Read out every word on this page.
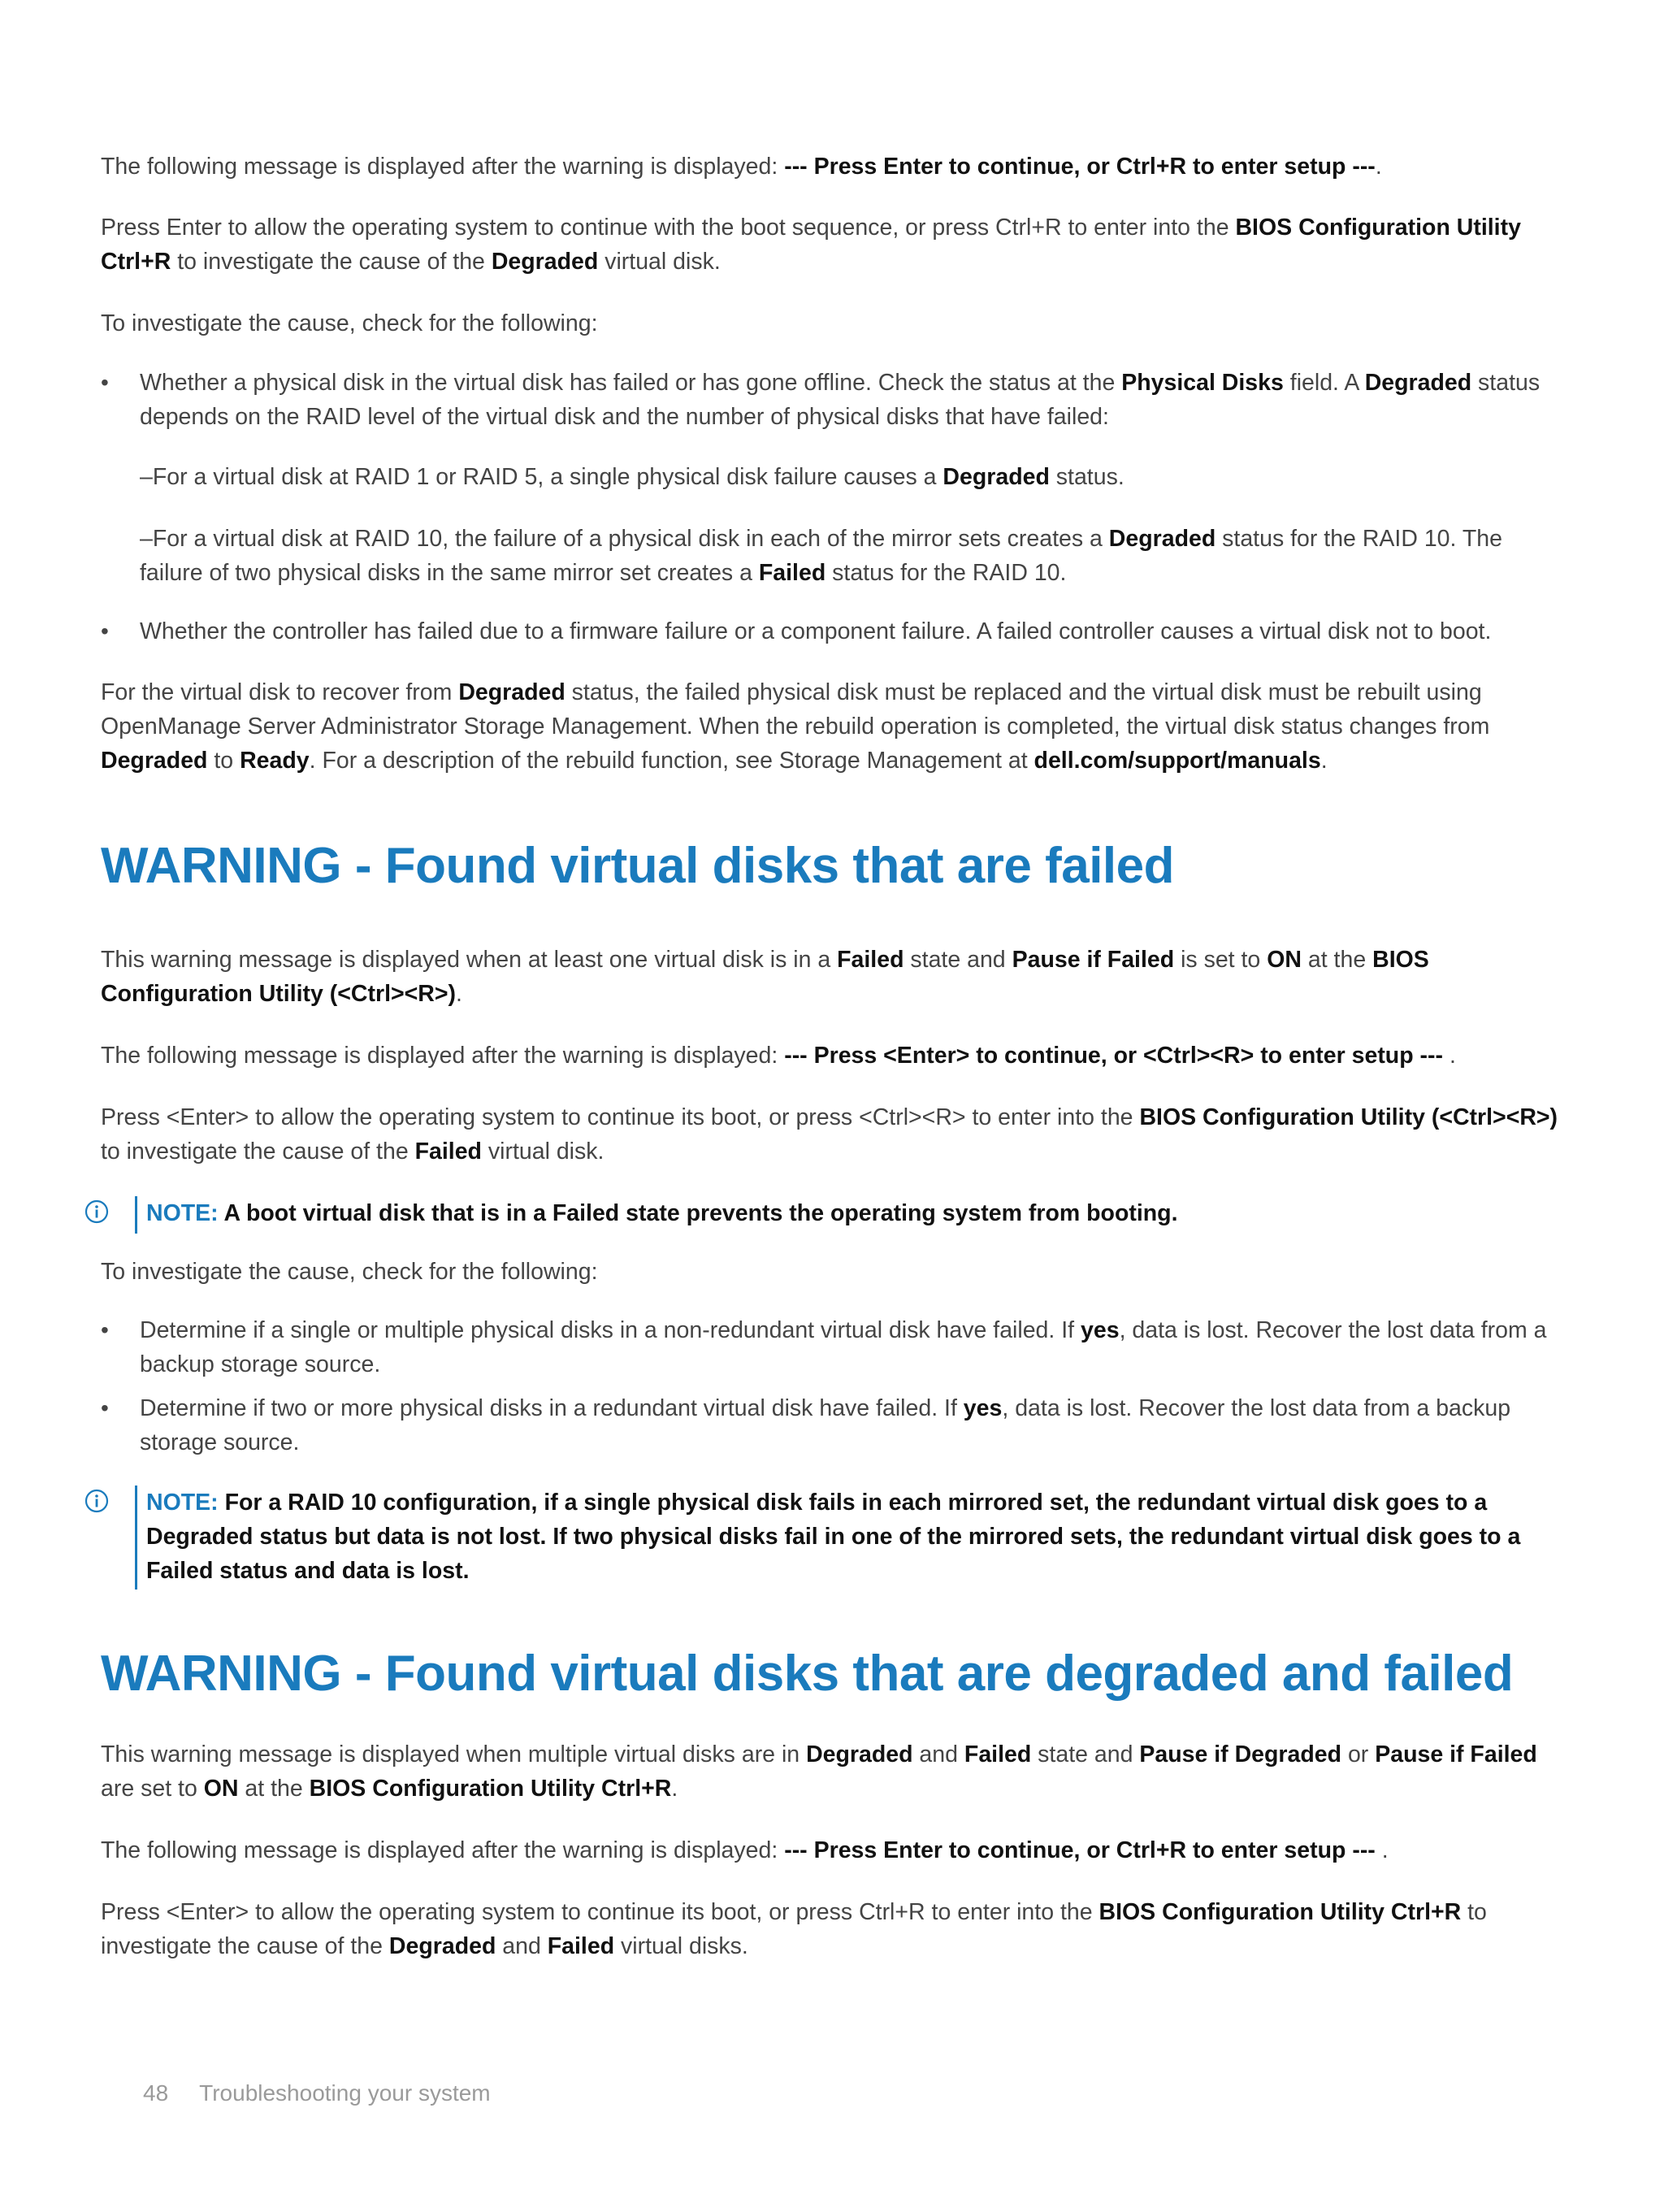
The following message is displayed after the warning is displayed: --- Press Enter to continue, or Ctrl+R to enter setup ---.

Press Enter to allow the operating system to continue with the boot sequence, or press Ctrl+R to enter into the BIOS Configuration Utility Ctrl+R to investigate the cause of the Degraded virtual disk.

To investigate the cause, check for the following:

• Whether a physical disk in the virtual disk has failed or has gone offline. Check the status at the Physical Disks field. A Degraded status depends on the RAID level of the virtual disk and the number of physical disks that have failed:
–For a virtual disk at RAID 1 or RAID 5, a single physical disk failure causes a Degraded status.
–For a virtual disk at RAID 10, the failure of a physical disk in each of the mirror sets creates a Degraded status for the RAID 10. The failure of two physical disks in the same mirror set creates a Failed status for the RAID 10.
• Whether the controller has failed due to a firmware failure or a component failure. A failed controller causes a virtual disk not to boot.

For the virtual disk to recover from Degraded status, the failed physical disk must be replaced and the virtual disk must be rebuilt using OpenManage Server Administrator Storage Management. When the rebuild operation is completed, the virtual disk status changes from Degraded to Ready. For a description of the rebuild function, see Storage Management at dell.com/support/manuals.

WARNING - Found virtual disks that are failed

This warning message is displayed when at least one virtual disk is in a Failed state and Pause if Failed is set to ON at the BIOS Configuration Utility (<Ctrl><R>).

The following message is displayed after the warning is displayed: --- Press <Enter> to continue, or <Ctrl><R> to enter setup --- .

Press <Enter> to allow the operating system to continue its boot, or press <Ctrl><R> to enter into the BIOS Configuration Utility (<Ctrl><R>) to investigate the cause of the Failed virtual disk.

NOTE: A boot virtual disk that is in a Failed state prevents the operating system from booting.

To investigate the cause, check for the following:

• Determine if a single or multiple physical disks in a non-redundant virtual disk have failed. If yes, data is lost. Recover the lost data from a backup storage source.
• Determine if two or more physical disks in a redundant virtual disk have failed. If yes, data is lost. Recover the lost data from a backup storage source.
NOTE: For a RAID 10 configuration, if a single physical disk fails in each mirrored set, the redundant virtual disk goes to a Degraded status but data is not lost. If two physical disks fail in one of the mirrored sets, the redundant virtual disk goes to a Failed status and data is lost.
WARNING - Found virtual disks that are degraded and failed

This warning message is displayed when multiple virtual disks are in Degraded and Failed state and Pause if Degraded or Pause if Failed are set to ON at the BIOS Configuration Utility Ctrl+R.

The following message is displayed after the warning is displayed: --- Press Enter to continue, or Ctrl+R to enter setup --- .

Press <Enter> to allow the operating system to continue its boot, or press Ctrl+R to enter into the BIOS Configuration Utility Ctrl+R to investigate the cause of the Degraded and Failed virtual disks.

48 Troubleshooting your system
